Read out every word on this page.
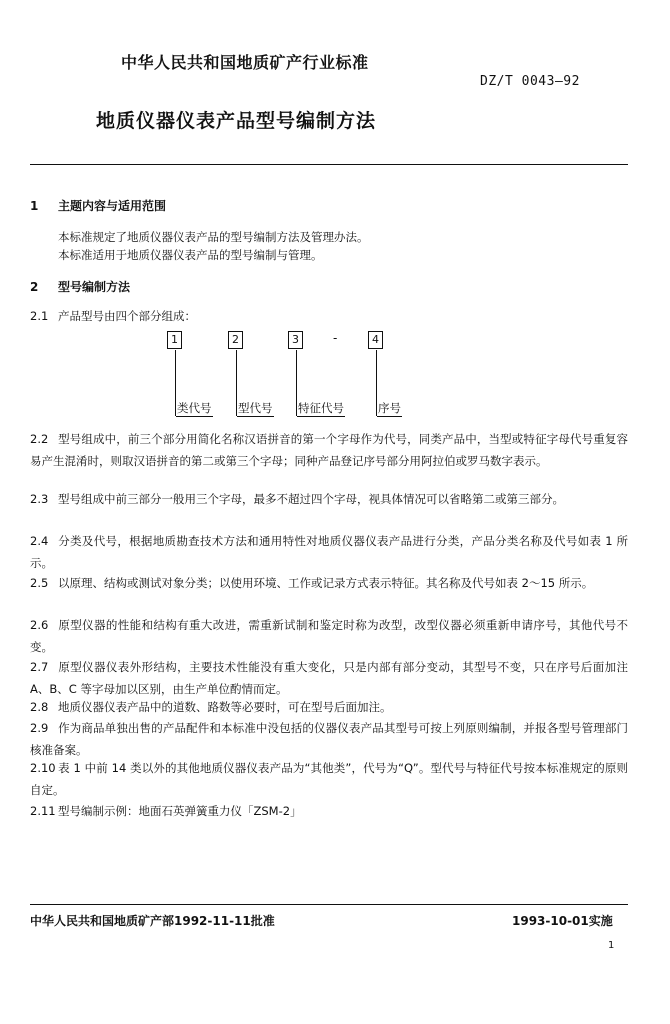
中华人民共和国地质矿产行业标准
DZ/T 0043—92
地质仪器仪表产品型号编制方法
1 主题内容与适用范围
本标准规定了地质仪器仪表产品的型号编制方法及管理办法。
本标准适用于地质仪器仪表产品的型号编制与管理。
2 型号编制方法
2.1 产品型号由四个部分组成：
1	2	3	-	4
类代号 型代号 特征代号	序号
2.2 型号组成中，前三个部分用简化名称汉语拼音的第一个字母作为代号，同类产品中，当型或特征字母代号重复容易产生混淆时，则取汉语拼音的第二或第三个字母；同种产品登记序号部分用阿拉伯或罗马数字表示。
2.3 型号组成中前三部分一般用三个字母，最多不超过四个字母，视具体情况可以省略第二或第三部分。
2.4 分类及代号，根据地质勘查技术方法和通用特性对地质仪器仪表产品进行分类，产品分类名称及代号如表 1 所示。
2.5 以原理、结构或测试对象分类；以使用环境、工作或记录方式表示特征。其名称及代号如表 2～15 所示。
2.6 原型仪器的性能和结构有重大改进，需重新试制和鉴定时称为改型，改型仪器必须重新申请序号，其他代号不变。
2.7 原型仪器仪表外形结构，主要技术性能没有重大变化，只是内部有部分变动，其型号不变，只在序号后面加注 A、B、C 等字母加以区别，由生产单位酌情而定。
2.8 地质仪器仪表产品中的道数、路数等必要时，可在型号后面加注。
2.9 作为商品单独出售的产品配件和本标准中没包括的仪器仪表产品其型号可按上列原则编制，并报各型号管理部门核准备案。
2.10 表 1 中前 14 类以外的其他地质仪器仪表产品为“其他类”，代号为“Q”。型代号与特征代号按本标准规定的原则自定。
2.11 型号编制示例：地面石英弹簧重力仪「ZSM-2」
中华人民共和国地质矿产部1992-11-11批准	1993-10-01实施
1
